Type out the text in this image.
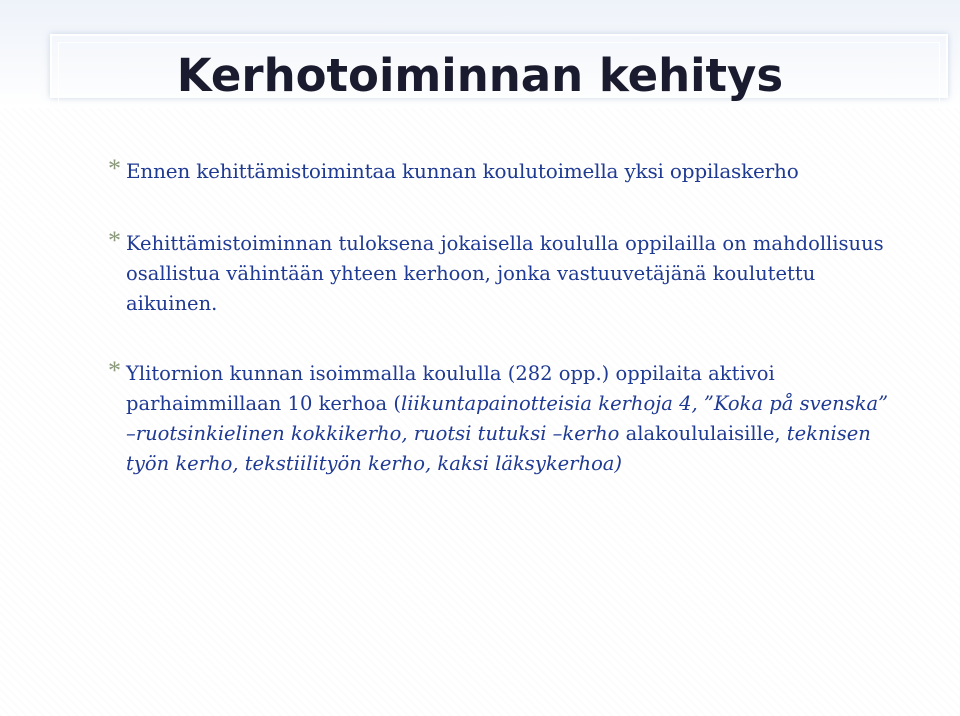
Kerhotoiminnan kehitys
* Ennen kehittämistoimintaa kunnan koulutoimella yksi oppilaskerho
* Kehittämistoiminnan tuloksena jokaisella koululla oppilailla on mahdollisuus osallistua vähintään yhteen kerhoon, jonka vastuuvetäjänä koulutettu aikuinen.
* Ylitornion kunnan isoimmalla koululla (282 opp.) oppilaita aktivoi parhaimmillaan 10 kerhoa (liikuntapainotteisia kerhoja 4, ”Koka på svenska” –ruotsinkielinen kokkikerho, ruotsi tutuksi –kerho alakoululaisille, teknisen työn kerho, tekstiilityön kerho, kaksi läksykerhoa)
